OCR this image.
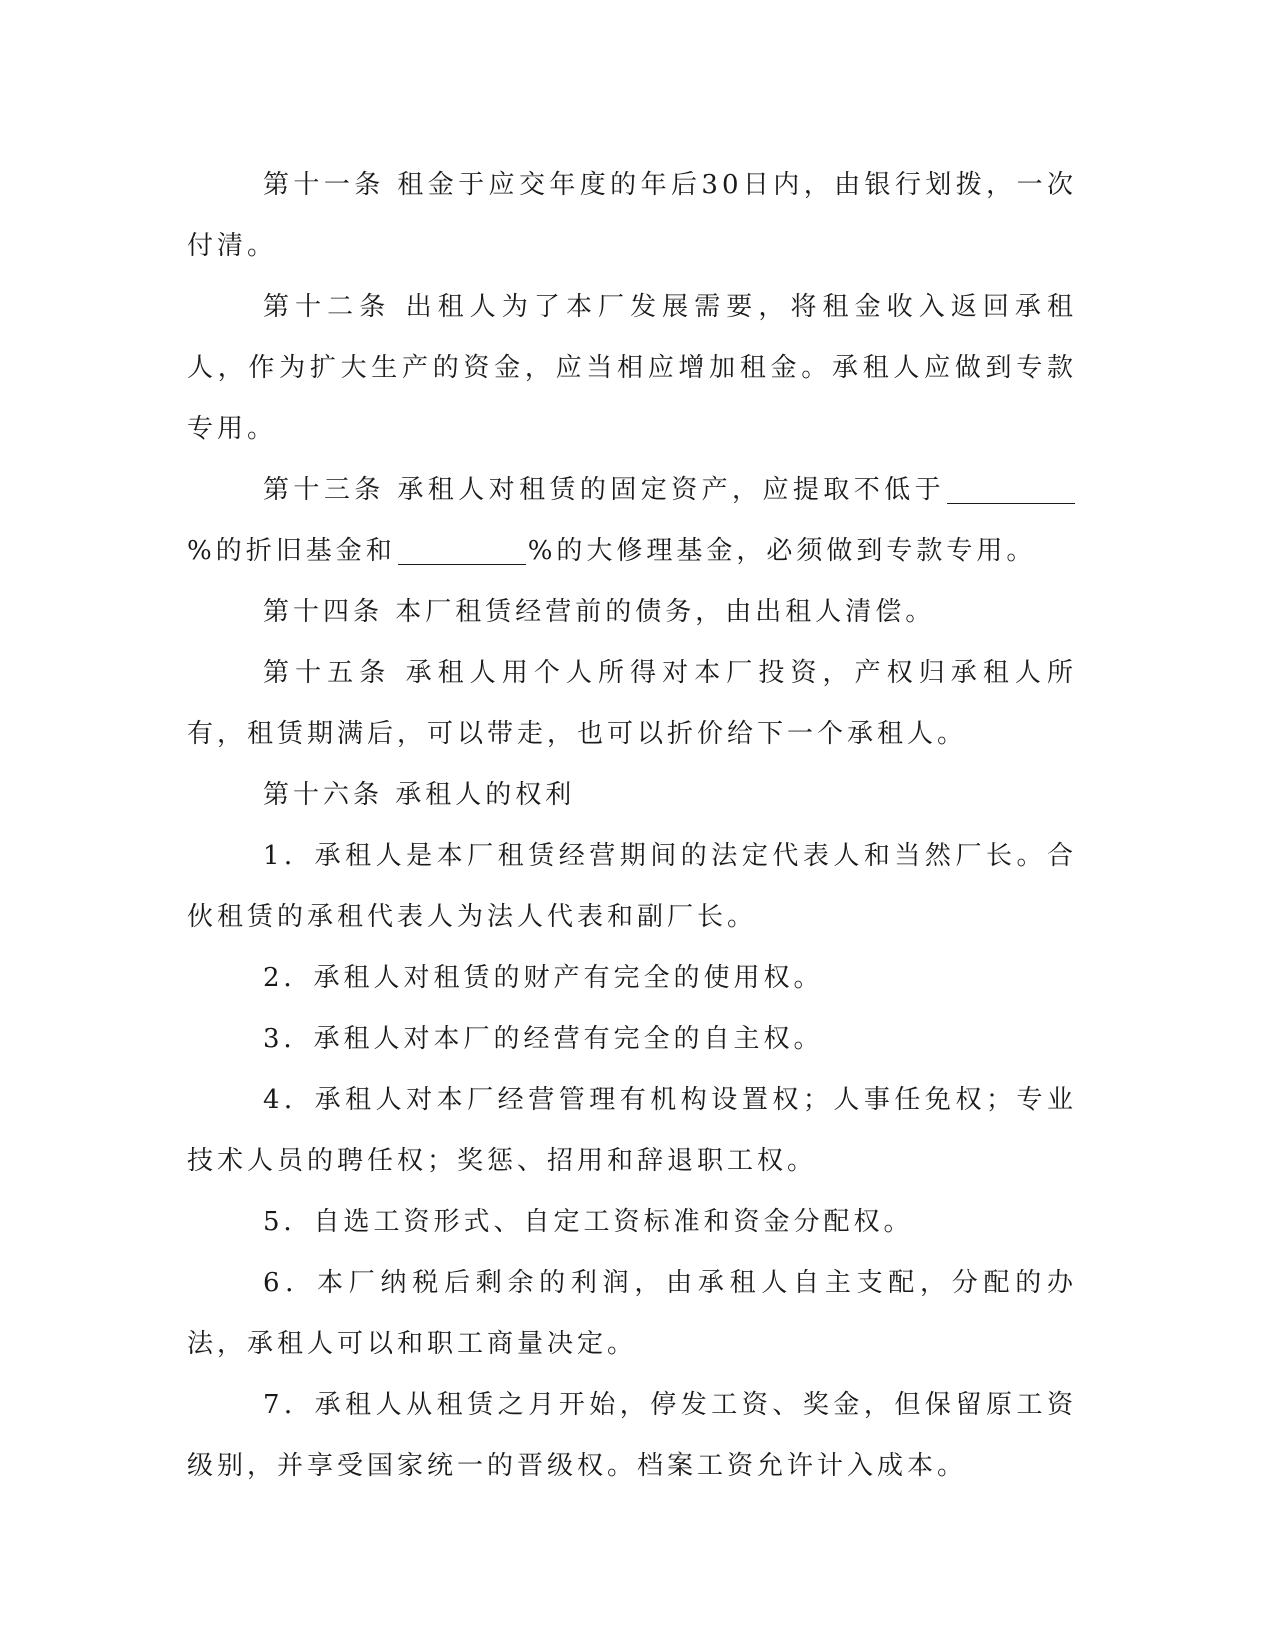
第十一条 租金于应交年度的年后30日内，由银行划拨，一次付清。

第十二条 出租人为了本厂发展需要，将租金收入返回承租人，作为扩大生产的资金，应当相应增加租金。承租人应做到专款专用。

第十三条 承租人对租赁的固定资产，应提取不低于%的折旧基金和	%的大修理基金，必须做到专款专用。

第十四条 本厂租赁经营前的债务，由出租人清偿。

第十五条 承租人用个人所得对本厂投资，产权归承租人所有，租赁期满后，可以带走，也可以折价给下一个承租人。

第十六条 承租人的权利

1．承租人是本厂租赁经营期间的法定代表人和当然厂长。合伙租赁的承租代表人为法人代表和副厂长。

2．承租人对租赁的财产有完全的使用权。

3．承租人对本厂的经营有完全的自主权。

4．承租人对本厂经营管理有机构设置权；人事任免权；专业技术人员的聘任权；奖惩、招用和辞退职工权。

5．自选工资形式、自定工资标准和资金分配权。

6．本厂纳税后剩余的利润，由承租人自主支配，分配的办法，承租人可以和职工商量决定。

7．承租人从租赁之月开始，停发工资、奖金，但保留原工资级别，并享受国家统一的晋级权。档案工资允许计入成本。
